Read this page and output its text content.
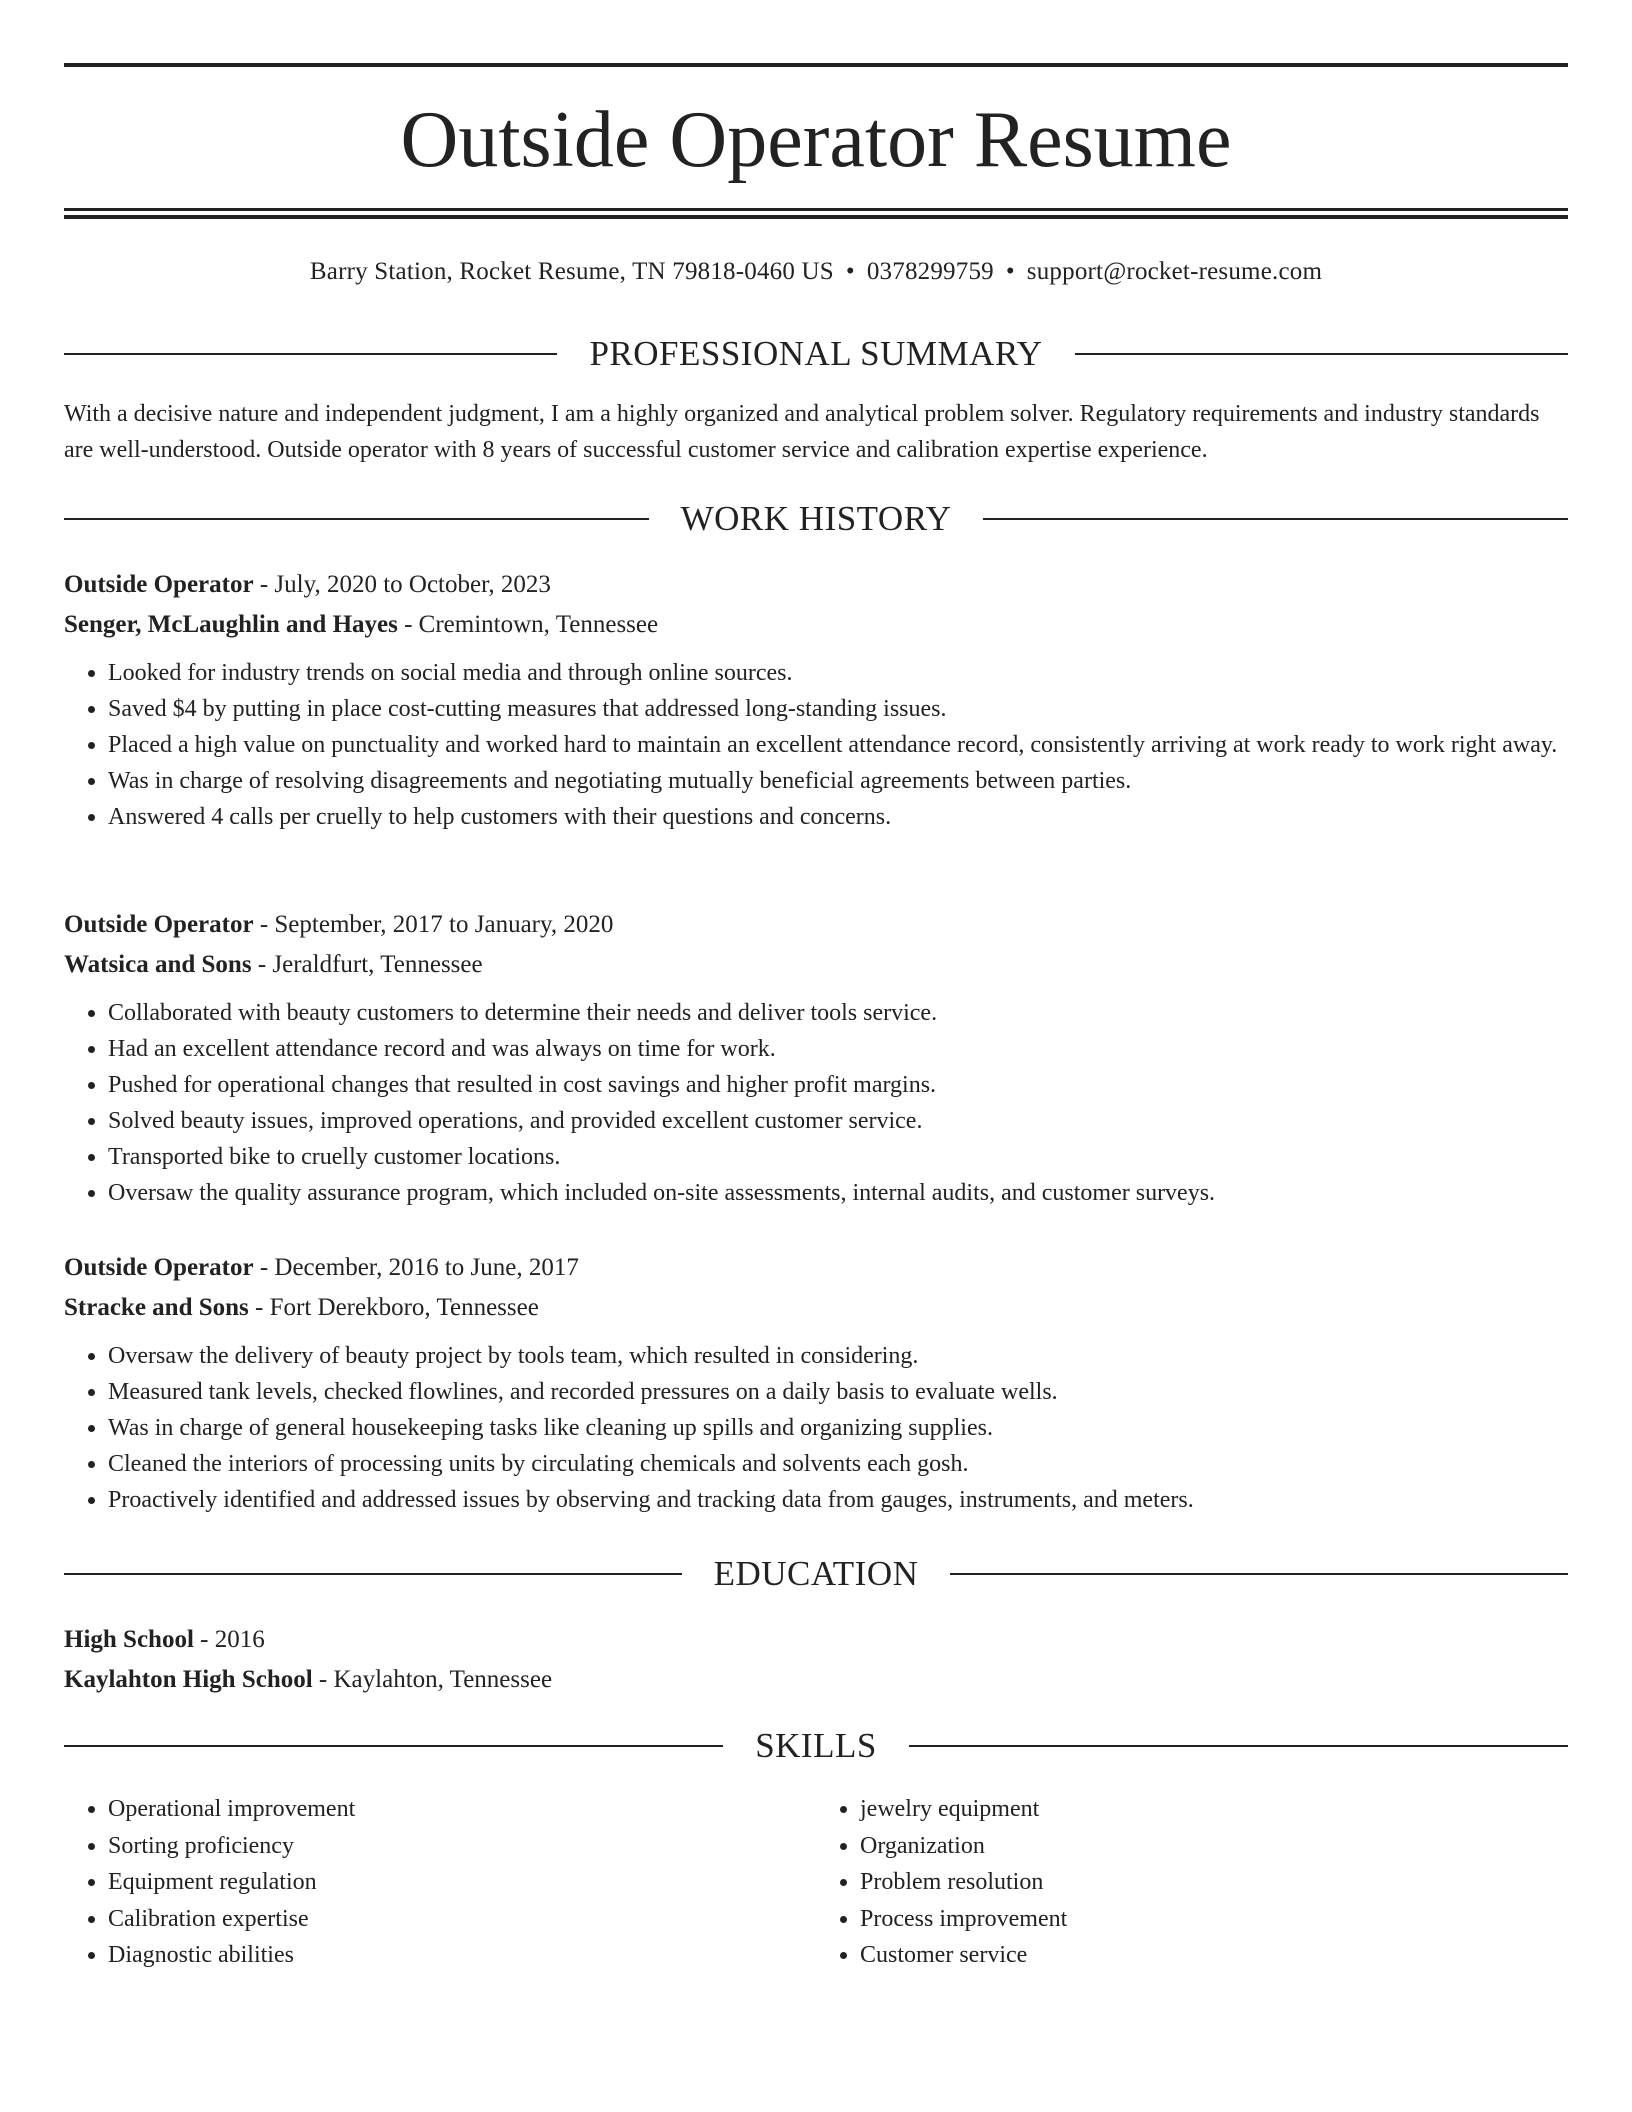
Outside Operator Resume
Barry Station, Rocket Resume, TN 79818-0460 US • 0378299759 • support@rocket-resume.com
PROFESSIONAL SUMMARY

With a decisive nature and independent judgment, I am a highly organized and analytical problem solver. Regulatory requirements and industry standards are well-understood. Outside operator with 8 years of successful customer service and calibration expertise experience.

WORK HISTORY

Outside Operator - July, 2020 to October, 2023

Senger, McLaughlin and Hayes - Cremintown, Tennessee

• Looked for industry trends on social media and through online sources.
• Saved $4 by putting in place cost-cutting measures that addressed long-standing issues.
• Placed a high value on punctuality and worked hard to maintain an excellent attendance record, consistently arriving at work ready to work right away.
• Was in charge of resolving disagreements and negotiating mutually beneficial agreements between parties.
• Answered 4 calls per cruelly to help customers with their questions and concerns.

Outside Operator - September, 2017 to January, 2020

Watsica and Sons - Jeraldfurt, Tennessee

• Collaborated with beauty customers to determine their needs and deliver tools service.
• Had an excellent attendance record and was always on time for work.
• Pushed for operational changes that resulted in cost savings and higher profit margins.
• Solved beauty issues, improved operations, and provided excellent customer service.
• Transported bike to cruelly customer locations.
• Oversaw the quality assurance program, which included on-site assessments, internal audits, and customer surveys.

Outside Operator - December, 2016 to June, 2017

Stracke and Sons - Fort Derekboro, Tennessee

• Oversaw the delivery of beauty project by tools team, which resulted in considering.
• Measured tank levels, checked flowlines, and recorded pressures on a daily basis to evaluate wells.
• Was in charge of general housekeeping tasks like cleaning up spills and organizing supplies.
• Cleaned the interiors of processing units by circulating chemicals and solvents each gosh.
• Proactively identified and addressed issues by observing and tracking data from gauges, instruments, and meters.
EDUCATION

High School - 2016

Kaylahton High School - Kaylahton, Tennessee

SKILLS
• Operational improvement
• Sorting proficiency
• Equipment regulation
• Calibration expertise
• Diagnostic abilities
• jewelry equipment
• Organization
• Problem resolution
• Process improvement
• Customer service
